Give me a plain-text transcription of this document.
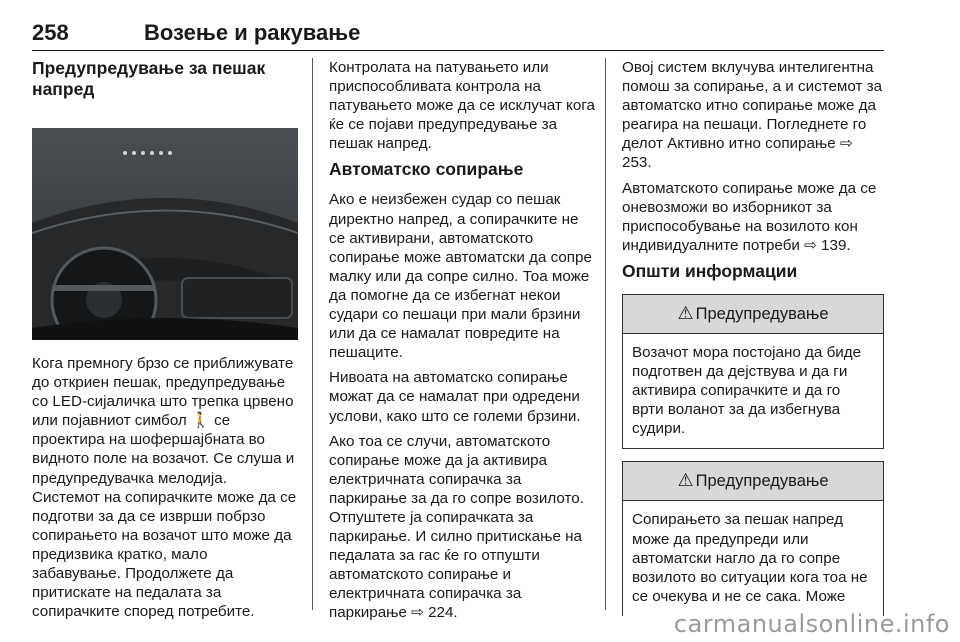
258	Возење и ракување
Предупредување за пешак напред

Кога премногу брзо се приближувате до откриен пешак, предупредување со LED-сијаличка што трепка црвено или појавниот симбол 🚶 се проектира на шофершајбната во видното поле на возачот. Се слуша и предупредувачка мелодија. Системот на сопирачките може да се подготви за да се изврши побрзо сопирањето на возачот што може да предизвика кратко, мало забавување. Продолжете да притискате на педалата за сопирачките според потребите.

Контролата на патувањето или приспособливата контрола на патувањето може да се исклучат кога ќе се појави предупредување за пешак напред.

Автоматско сопирање

Ако е неизбежен судар со пешак директно напред, а сопирачките не се активирани, автоматското сопирање може автоматски да сопре малку или да сопре силно. Тоа може да помогне да се избегнат некои судари со пешаци при мали брзини или да се намалат повредите на пешаците.

Нивоата на автоматско сопирање можат да се намалат при одредени услови, како што се големи брзини.

Ако тоа се случи, автоматското сопирање може да ја активира електричната сопирачка за паркирање за да го сопре возилото. Отпуштете ја сопирачката за паркирање. И силно притискање на педалата за гас ќе го отпушти автоматското сопирање и електричната сопирачка за паркирање ⇨ 224.

Овој систем вклучува интелигентна помош за сопирање, а и системот за автоматско итно сопирање може да реагира на пешаци. Погледнете го делот Активно итно сопирање ⇨ 253.

Автоматското сопирање може да се оневозможи во изборникот за приспособување на возилото кон индивидуалните потреби ⇨ 139.

Општи информации
⚠ Предупредување
Возачот мора постојано да биде подготвен да дејствува и да ги активира сопирачките и да го врти воланот за да избегнува судири.
⚠ Предупредување
Сопирањето за пешак напред може да предупреди или автоматски нагло да го сопре возилото во ситуации кога тоа не се очекува и не се сака. Може
carmanualsonline.info
